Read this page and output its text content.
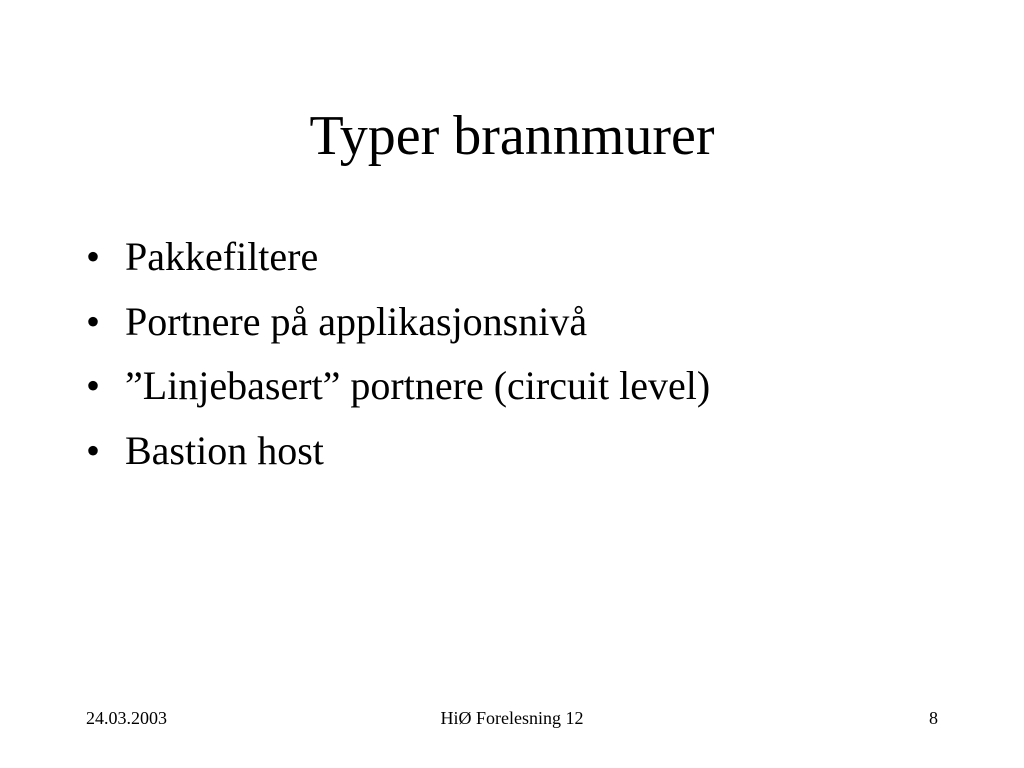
Typer brannmurer
• Pakkefiltere
• Portnere på applikasjonsnivå
• ”Linjebasert” portnere (circuit level)
• Bastion host
24.03.2003	HiØ Forelesning 12	8
